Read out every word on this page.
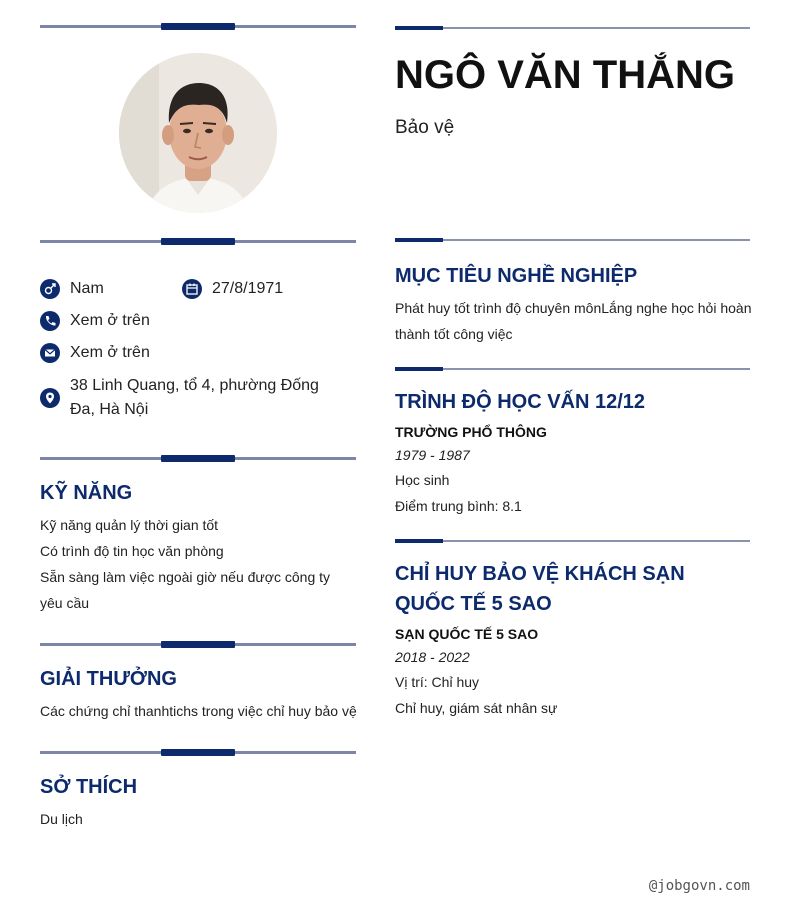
Nam	27/8/1971
Xem ở trên
Xem ở trên
38 Linh Quang, tổ 4, phường Đống Đa, Hà Nội
KỸ NĂNG
Kỹ năng quản lý thời gian tốt
Có trình độ tin học văn phòng
Sẵn sàng làm việc ngoài giờ nếu được công ty yêu cầu
GIẢI THƯỞNG
Các chứng chỉ thanhtichs trong việc chỉ huy bảo vệ
SỞ THÍCH
Du lịch
NGÔ VĂN THẮNG
Bảo vệ
MỤC TIÊU NGHỀ NGHIỆP
Phát huy tốt trình độ chuyên mônLắng nghe học hỏi hoàn thành tốt công việc
TRÌNH ĐỘ HỌC VẤN 12/12
TRƯỜNG PHỔ THÔNG
1979 - 1987
Học sinh
Điểm trung bình: 8.1
CHỈ HUY BẢO VỆ KHÁCH SẠN QUỐC TẾ 5 SAO
SẠN QUỐC TẾ 5 SAO
2018 - 2022
Vị trí: Chỉ huy
Chỉ huy, giám sát nhân sự
@jobgovn.com
